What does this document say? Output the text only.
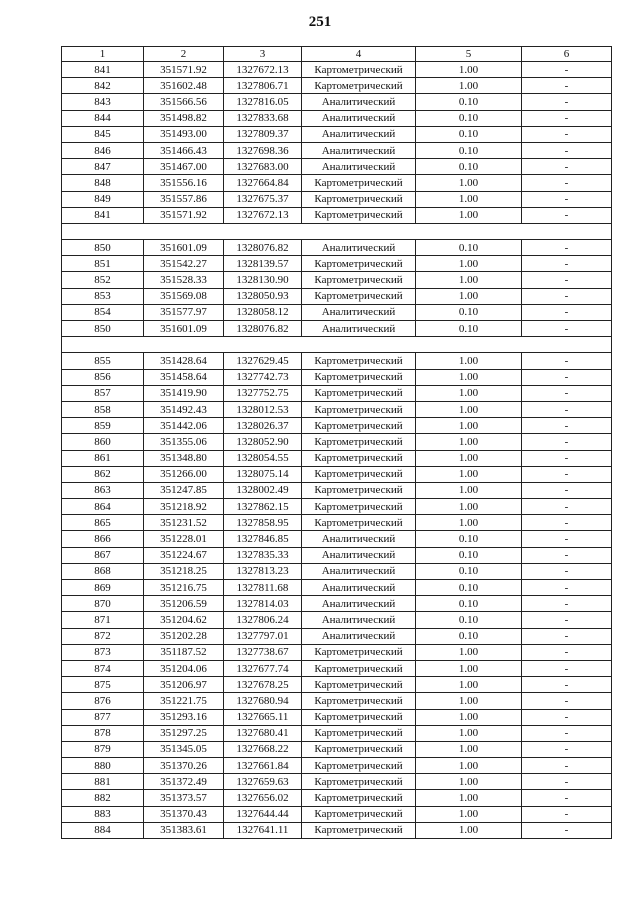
251
1	2	3	4	5	6
841	351571.92	1327672.13	Картометрический	1.00	-
842	351602.48	1327806.71	Картометрический	1.00	-
843	351566.56	1327816.05	Аналитический	0.10	-
844	351498.82	1327833.68	Аналитический	0.10	-
845	351493.00	1327809.37	Аналитический	0.10	-
846	351466.43	1327698.36	Аналитический	0.10	-
847	351467.00	1327683.00	Аналитический	0.10	-
848	351556.16	1327664.84	Картометрический	1.00	-
849	351557.86	1327675.37	Картометрический	1.00	-
841	351571.92	1327672.13	Картометрический	1.00	-

850	351601.09	1328076.82	Аналитический	0.10	-
851	351542.27	1328139.57	Картометрический	1.00	-
852	351528.33	1328130.90	Картометрический	1.00	-
853	351569.08	1328050.93	Картометрический	1.00	-
854	351577.97	1328058.12	Аналитический	0.10	-
850	351601.09	1328076.82	Аналитический	0.10	-

855	351428.64	1327629.45	Картометрический	1.00	-
856	351458.64	1327742.73	Картометрический	1.00	-
857	351419.90	1327752.75	Картометрический	1.00	-
858	351492.43	1328012.53	Картометрический	1.00	-
859	351442.06	1328026.37	Картометрический	1.00	-
860	351355.06	1328052.90	Картометрический	1.00	-
861	351348.80	1328054.55	Картометрический	1.00	-
862	351266.00	1328075.14	Картометрический	1.00	-
863	351247.85	1328002.49	Картометрический	1.00	-
864	351218.92	1327862.15	Картометрический	1.00	-
865	351231.52	1327858.95	Картометрический	1.00	-
866	351228.01	1327846.85	Аналитический	0.10	-
867	351224.67	1327835.33	Аналитический	0.10	-
868	351218.25	1327813.23	Аналитический	0.10	-
869	351216.75	1327811.68	Аналитический	0.10	-
870	351206.59	1327814.03	Аналитический	0.10	-
871	351204.62	1327806.24	Аналитический	0.10	-
872	351202.28	1327797.01	Аналитический	0.10	-
873	351187.52	1327738.67	Картометрический	1.00	-
874	351204.06	1327677.74	Картометрический	1.00	-
875	351206.97	1327678.25	Картометрический	1.00	-
876	351221.75	1327680.94	Картометрический	1.00	-
877	351293.16	1327665.11	Картометрический	1.00	-
878	351297.25	1327680.41	Картометрический	1.00	-
879	351345.05	1327668.22	Картометрический	1.00	-
880	351370.26	1327661.84	Картометрический	1.00	-
881	351372.49	1327659.63	Картометрический	1.00	-
882	351373.57	1327656.02	Картометрический	1.00	-
883	351370.43	1327644.44	Картометрический	1.00	-
884	351383.61	1327641.11	Картометрический	1.00	-
